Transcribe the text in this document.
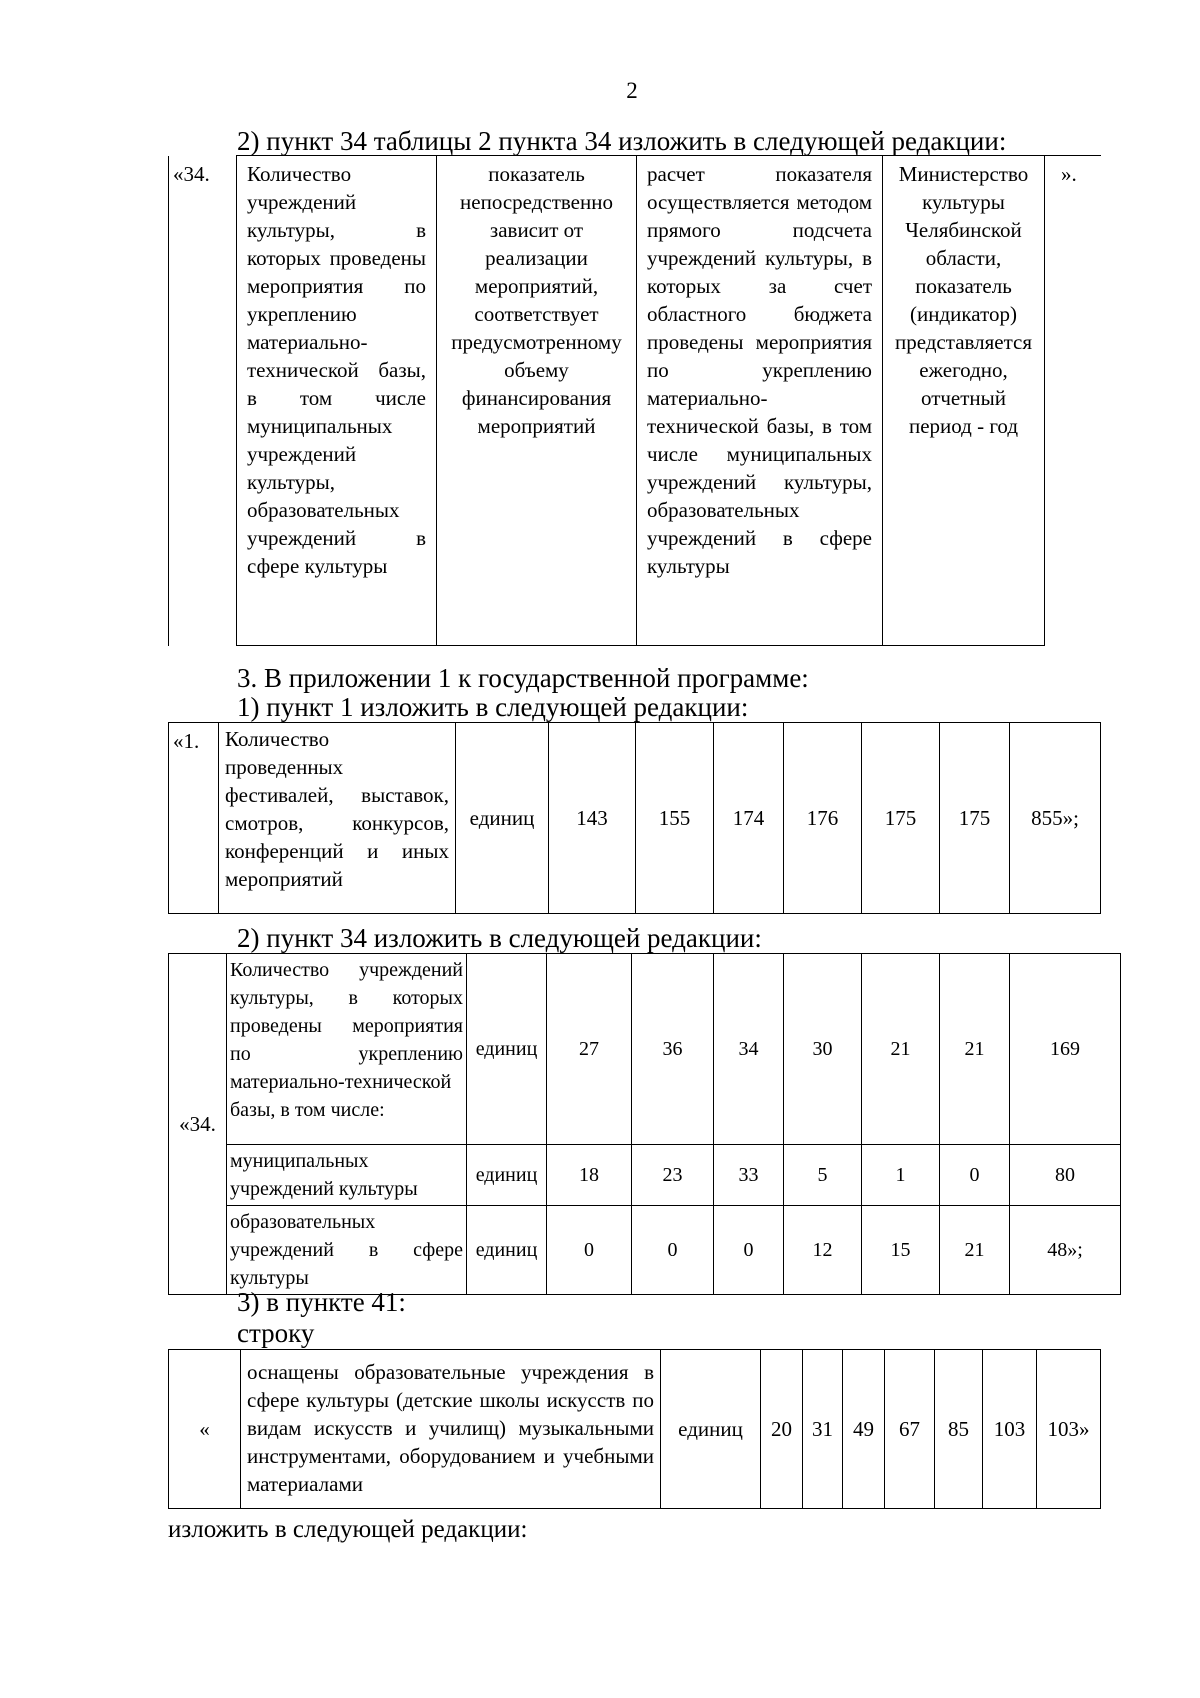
2
2) пункт 34 таблицы 2 пункта 34 изложить в следующей редакции:
«34.	Количество учреждений культуры, в которых проведены мероприятия по укреплению материально-технической базы, в том числе муниципальных учреждений культуры, образовательных учреждений в сфере культуры	показатель непосредственно зависит от реализации мероприятий, соответствует предусмотренному объему финансирования мероприятий	расчет показателя осуществляется методом прямого подсчета учреждений культуры, в которых за счет областного бюджета проведены мероприятия по укреплению материально-технической базы, в том числе муниципальных учреждений культуры, образовательных учреждений в сфере культуры	Министерство культуры Челябинской области, показатель (индикатор) представляется ежегодно, отчетный период - год	».
3. В приложении 1 к государственной программе:
1) пункт 1 изложить в следующей редакции:
«1.	Количество проведенных фестивалей, выставок, смотров, конкурсов, конференций и иных мероприятий	единиц	143	155	174	176	175	175	855»;
2) пункт 34 изложить в следующей редакции:
«34.	Количество учреждений культуры, в которых проведены мероприятия по укреплению материально-технической базы, в том числе:	единиц	27	36	34	30	21	21	169
	муниципальных учреждений культуры	единиц	18	23	33	5	1	0	80
	образовательных учреждений в сфере культуры	единиц	0	0	0	12	15	21	48»;
3) в пункте 41:
строку
«	оснащены образовательные учреждения в сфере культуры (детские школы искусств по видам искусств и училищ) музыкальными инструментами, оборудованием и учебными материалами	единиц	20	31	49	67	85	103	103»
изложить в следующей редакции:
